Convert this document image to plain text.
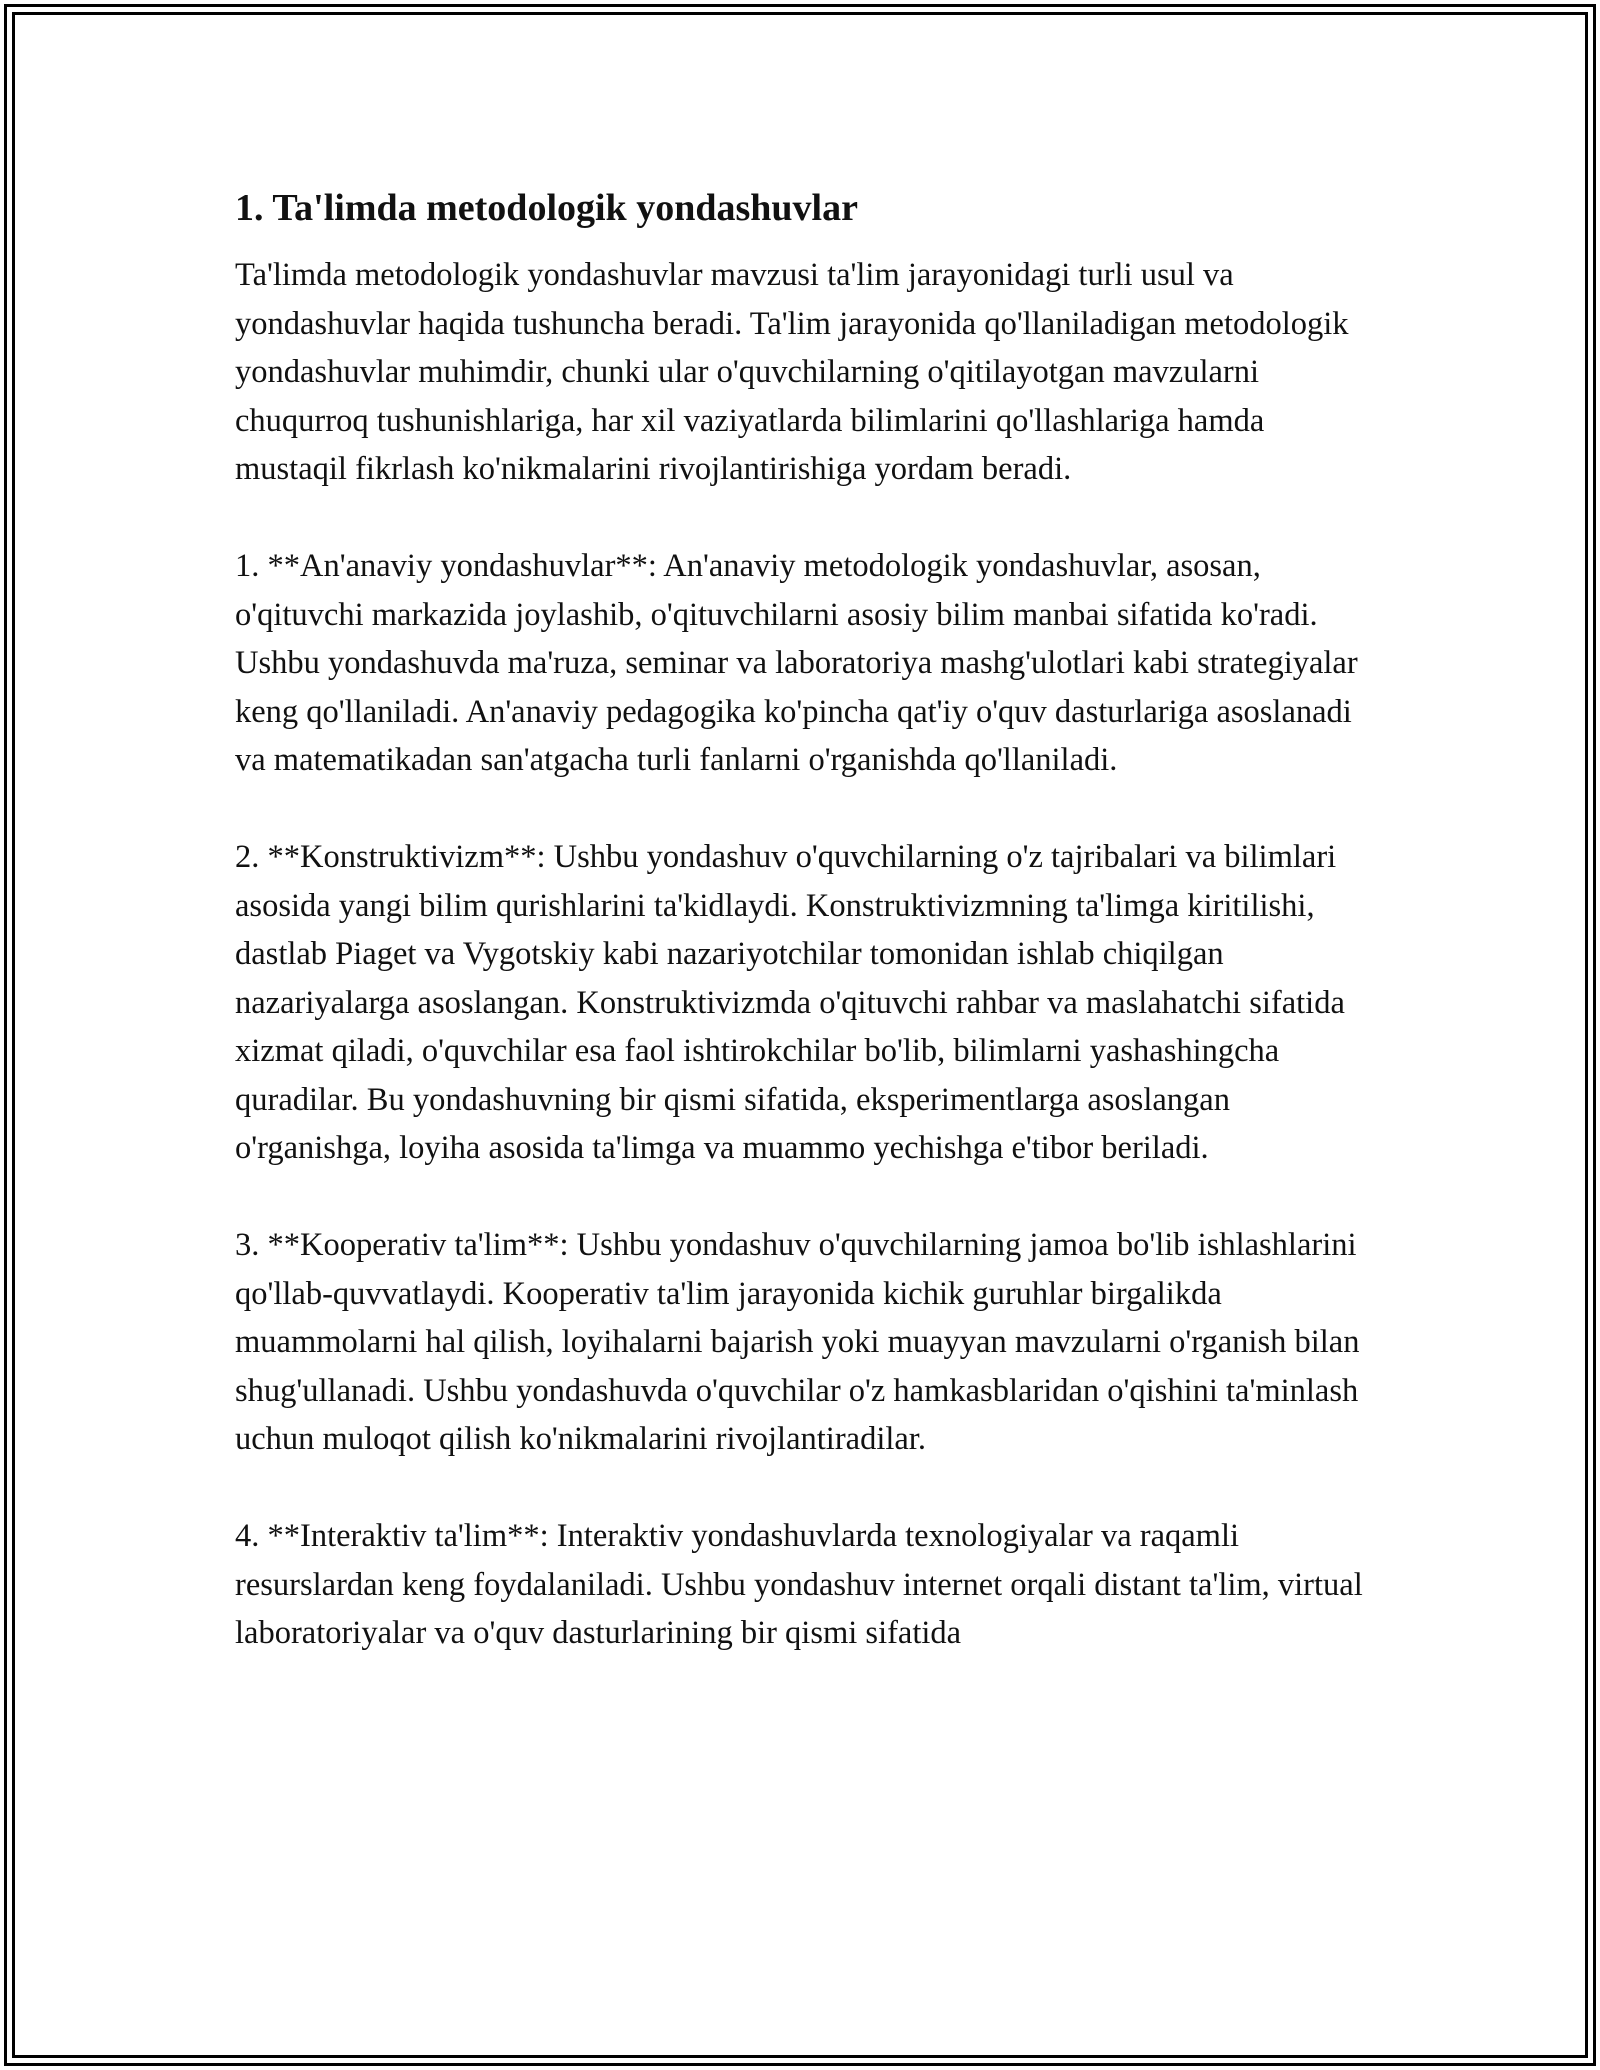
1. Ta'limda metodologik yondashuvlar

Ta'limda metodologik yondashuvlar mavzusi ta'lim jarayonidagi turli usul va yondashuvlar haqida tushuncha beradi. Ta'lim jarayonida qo'llaniladigan metodologik yondashuvlar muhimdir, chunki ular o'quvchilarning o'qitilayotgan mavzularni chuqurroq tushunishlariga, har xil vaziyatlarda bilimlarini qo'llashlariga hamda mustaqil fikrlash ko'nikmalarini rivojlantirishiga yordam beradi.

1. **An'anaviy yondashuvlar**: An'anaviy metodologik yondashuvlar, asosan, o'qituvchi markazida joylashib, o'qituvchilarni asosiy bilim manbai sifatida ko'radi. Ushbu yondashuvda ma'ruza, seminar va laboratoriya mashg'ulotlari kabi strategiyalar keng qo'llaniladi. An'anaviy pedagogika ko'pincha qat'iy o'quv dasturlariga asoslanadi va matematikadan san'atgacha turli fanlarni o'rganishda qo'llaniladi.

2. **Konstruktivizm**: Ushbu yondashuv o'quvchilarning o'z tajribalari va bilimlari asosida yangi bilim qurishlarini ta'kidlaydi. Konstruktivizmning ta'limga kiritilishi, dastlab Piaget va Vygotskiy kabi nazariyotchilar tomonidan ishlab chiqilgan nazariyalarga asoslangan. Konstruktivizmda o'qituvchi rahbar va maslahatchi sifatida xizmat qiladi, o'quvchilar esa faol ishtirokchilar bo'lib, bilimlarni yashashingcha quradilar. Bu yondashuvning bir qismi sifatida, eksperimentlarga asoslangan o'rganishga, loyiha asosida ta'limga va muammo yechishga e'tibor beriladi.

3. **Kooperativ ta'lim**: Ushbu yondashuv o'quvchilarning jamoa bo'lib ishlashlarini qo'llab-quvvatlaydi. Kooperativ ta'lim jarayonida kichik guruhlar birgalikda muammolarni hal qilish, loyihalarni bajarish yoki muayyan mavzularni o'rganish bilan shug'ullanadi. Ushbu yondashuvda o'quvchilar o'z hamkasblaridan o'qishini ta'minlash uchun muloqot qilish ko'nikmalarini rivojlantiradilar.

4. **Interaktiv ta'lim**: Interaktiv yondashuvlarda texnologiyalar va raqamli resurslardan keng foydalaniladi. Ushbu yondashuv internet orqali distant ta'lim, virtual laboratoriyalar va o'quv dasturlarining bir qismi sifatida
